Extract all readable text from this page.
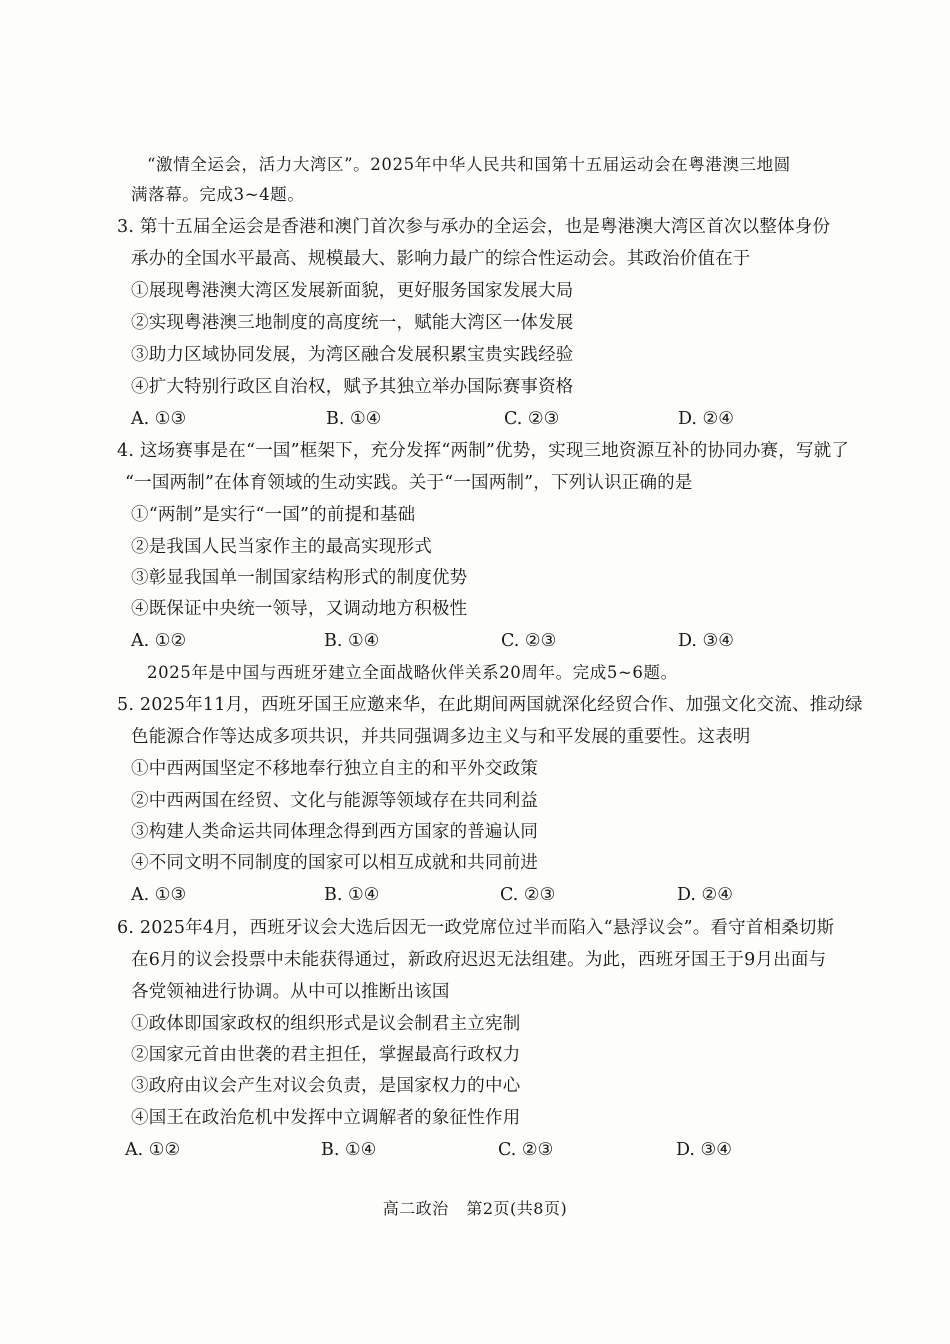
“激情全运会，活力大湾区”。2025年中华人民共和国第十五届运动会在粤港澳三地圆
满落幕。完成3~4题。
3. 第十五届全运会是香港和澳门首次参与承办的全运会，也是粤港澳大湾区首次以整体身份
承办的全国水平最高、规模最大、影响力最广的综合性运动会。其政治价值在于
①展现粤港澳大湾区发展新面貌，更好服务国家发展大局
②实现粤港澳三地制度的高度统一，赋能大湾区一体发展
③助力区域协同发展，为湾区融合发展积累宝贵实践经验
④扩大特别行政区自治权，赋予其独立举办国际赛事资格
A. ①③	B. ①④	C. ②③	D. ②④
4. 这场赛事是在“一国”框架下，充分发挥“两制”优势，实现三地资源互补的协同办赛，写就了
“一国两制”在体育领域的生动实践。关于“一国两制”，下列认识正确的是
①“两制”是实行“一国”的前提和基础
②是我国人民当家作主的最高实现形式
③彰显我国单一制国家结构形式的制度优势
④既保证中央统一领导，又调动地方积极性
A. ①②	B. ①④	C. ②③	D. ③④
2025年是中国与西班牙建立全面战略伙伴关系20周年。完成5~6题。
5. 2025年11月，西班牙国王应邀来华，在此期间两国就深化经贸合作、加强文化交流、推动绿
色能源合作等达成多项共识，并共同强调多边主义与和平发展的重要性。这表明
①中西两国坚定不移地奉行独立自主的和平外交政策
②中西两国在经贸、文化与能源等领域存在共同利益
③构建人类命运共同体理念得到西方国家的普遍认同
④不同文明不同制度的国家可以相互成就和共同前进
A. ①③	B. ①④	C. ②③	D. ②④
6. 2025年4月，西班牙议会大选后因无一政党席位过半而陷入“悬浮议会”。看守首相桑切斯
在6月的议会投票中未能获得通过，新政府迟迟无法组建。为此，西班牙国王于9月出面与
各党领袖进行协调。从中可以推断出该国
①政体即国家政权的组织形式是议会制君主立宪制
②国家元首由世袭的君主担任，掌握最高行政权力
③政府由议会产生对议会负责，是国家权力的中心
④国王在政治危机中发挥中立调解者的象征性作用
A. ①②	B. ①④	C. ②③	D. ③④
高二政治 第2页(共8页)
